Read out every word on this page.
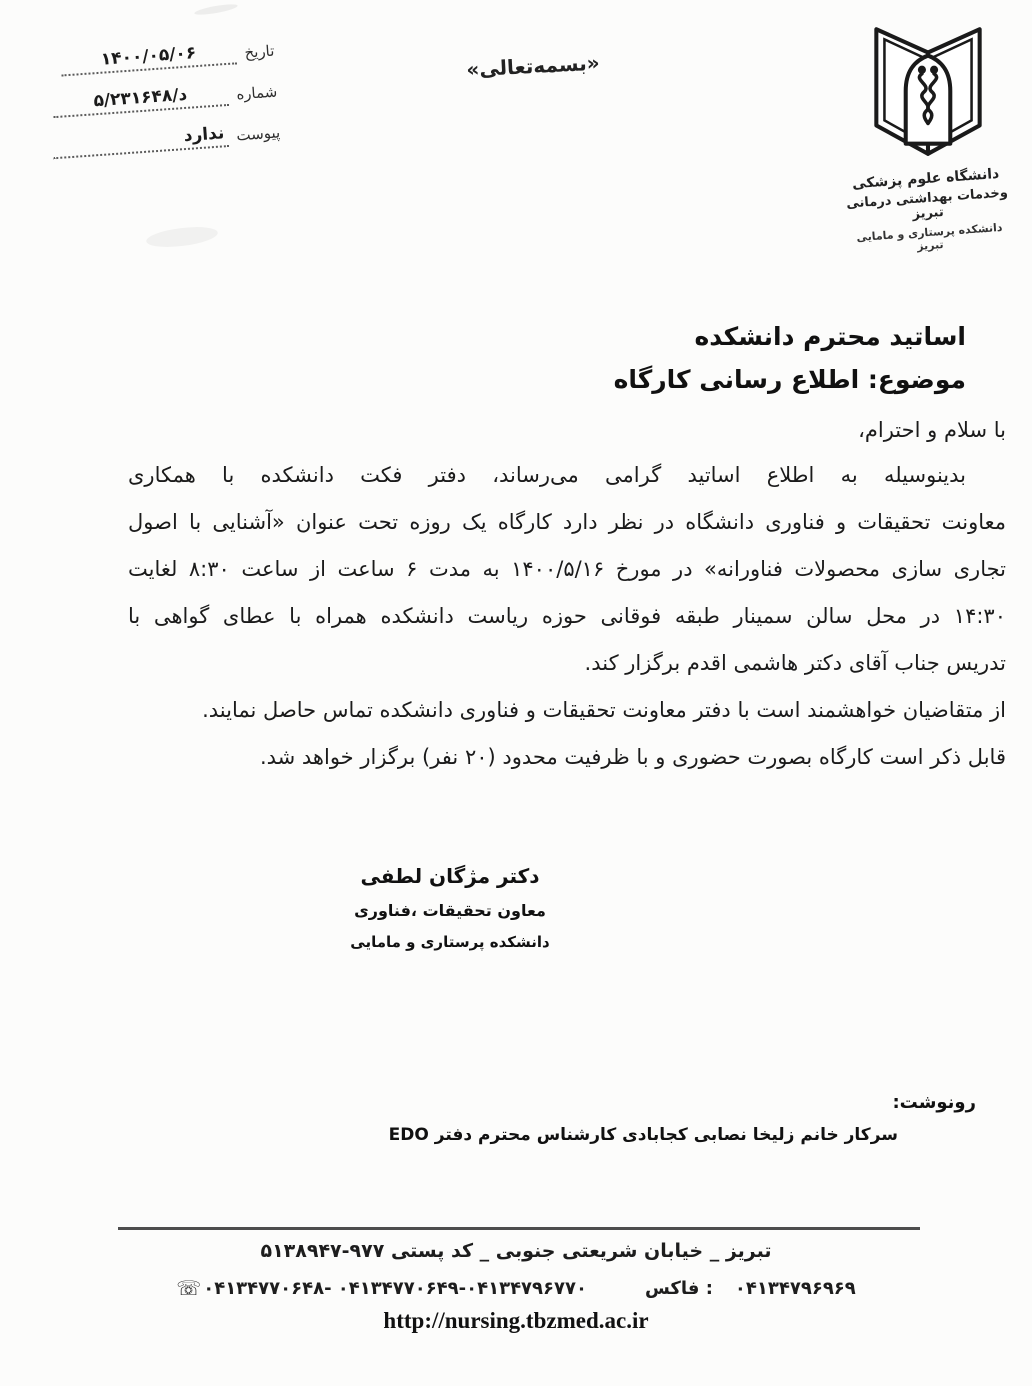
۱۴۰۰/۰۵/۰۶	تاریخ
۵/د/۲۳۱۶۴۸	شماره
ندارد پیوست
«بسمه‌تعالی»
دانشگاه علوم پزشکی
وخدمات بهداشتی درمانی تبریز
دانشکده پرستاری و مامایی تبریز
اساتید محترم دانشکده
موضوع: اطلاع رسانی کارگاه
با سلام و احترام،
بدینوسیله به اطلاع اساتید گرامی می‌رساند، دفتر فکت دانشکده با همکاری
معاونت تحقیقات و فناوری دانشگاه در نظر دارد کارگاه یک روزه تحت عنوان «آشنایی با اصول
تجاری سازی محصولات فناورانه» در مورخ ۱۴۰۰/۵/۱۶ به مدت ۶ ساعت از ساعت ۸:۳۰ لغایت
۱۴:۳۰ در محل سالن سمینار طبقه فوقانی حوزه ریاست دانشکده همراه با عطای گواهی با
تدریس جناب آقای دکتر هاشمی اقدم برگزار کند.
از متقاضیان خواهشمند است با دفتر معاونت تحقیقات و فناوری دانشکده تماس حاصل نمایند.
قابل ذکر است کارگاه بصورت حضوری و با ظرفیت محدود (۲۰ نفر) برگزار خواهد شد.
دکتر مژگان لطفی
معاون تحقیقات ،فناوری
دانشکده پرستاری و مامایی
رونوشت:
سرکار خانم زلیخا نصابی کجابادی کارشناس محترم دفتر EDO
تبریز _ خیابان شریعتی جنوبی _ کد پستی ۵۱۳۸۹۴۷-۹۷۷
☏ ۰۴۱۳۴۷۷۰۶۴۸- ۰۴۱۳۴۷۷۰۶۴۹-۰۴۱۳۴۷۹۶۷۷۰	فاکس : ۰۴۱۳۴۷۹۶۹۶۹
http://nursing.tbzmed.ac.ir
